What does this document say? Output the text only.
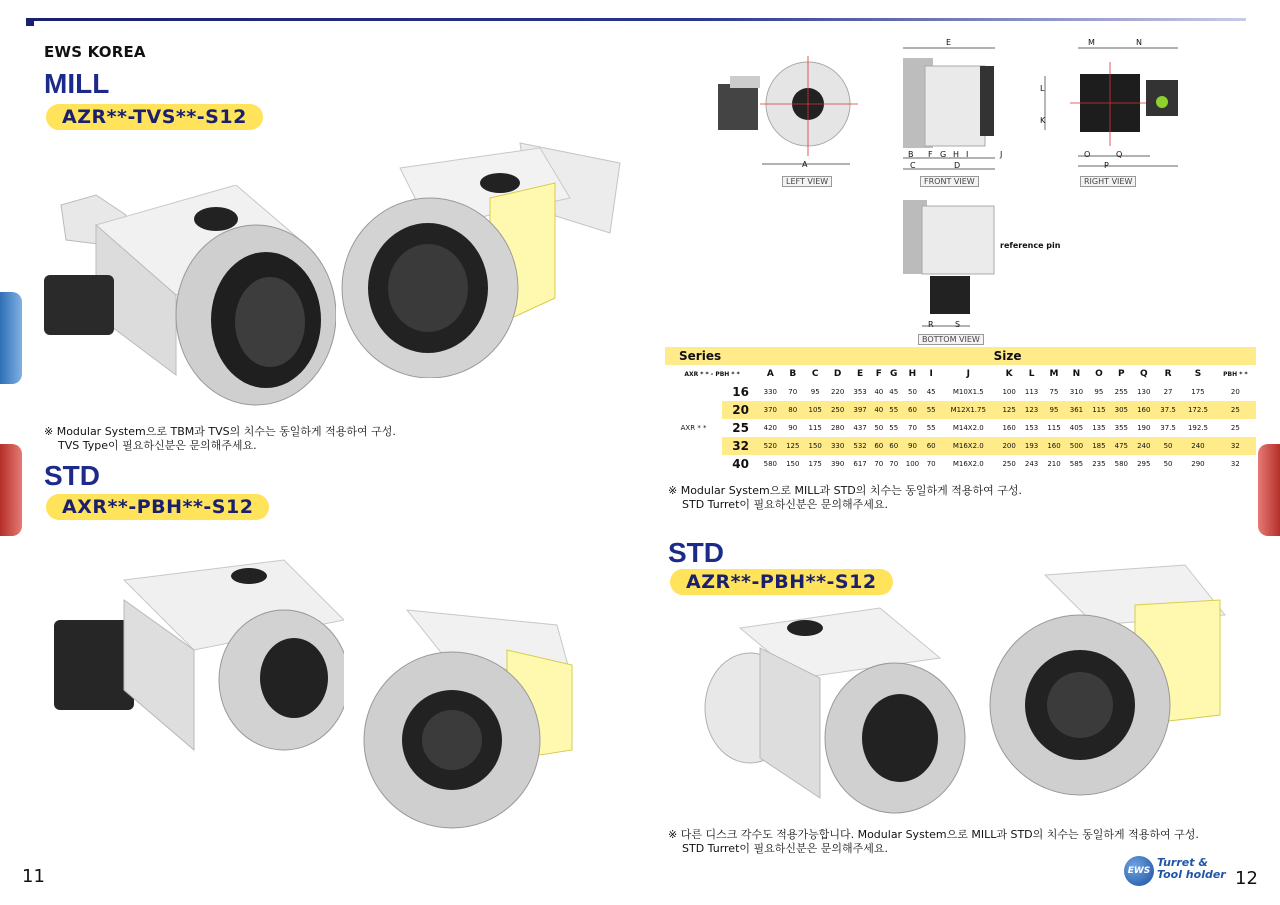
EWS KOREA
MILL
AZR**-TVS**-S12
※ Modular System으로 TBM과 TVS의 치수는 동일하게 적용하여 구성.
TVS Type이 필요하신분은 문의해주세요.
STD
AXR**-PBH**-S12
11
E	M	N
L
K
A
B F G H I
C	D
J	O	Q
P
R	S
LEFT VIEW	FRONT VIEW	RIGHT VIEW
BOTTOM VIEW
reference pin
Series		Size																			
AXR * * - PBH * *		A	B	C	D	E	F	G	H	I	J	K	L	M	N	O	P	Q	R	S	PBH * *
AXR * *	16	330	70	95	220	353	40	45	50	45	M10X1.5	100	113	75	310	95	255	130	27	175	20
	20	370	80	105	250	397	40	55	60	55	M12X1.75	125	123	95	361	115	305	160	37.5	172.5	25
	25	420	90	115	280	437	50	55	70	55	M14X2.0	160	153	115	405	135	355	190	37.5	192.5	25
	32	520	125	150	330	532	60	60	90	60	M16X2.0	200	193	160	500	185	475	240	50	240	32
	40	580	150	175	390	617	70	70	100	70	M16X2.0	250	243	210	585	235	580	295	50	290	32
※ Modular System으로 MILL과 STD의 치수는 동일하게 적용하여 구성.
STD Turret이 필요하신분은 문의해주세요.
STD
AZR**-PBH**-S12
※ 다른 디스크 각수도 적용가능합니다. Modular System으로 MILL과 STD의 치수는 동일하게 적용하여 구성.
STD Turret이 필요하신분은 문의해주세요.
EWS
Turret &
Tool holder 12
